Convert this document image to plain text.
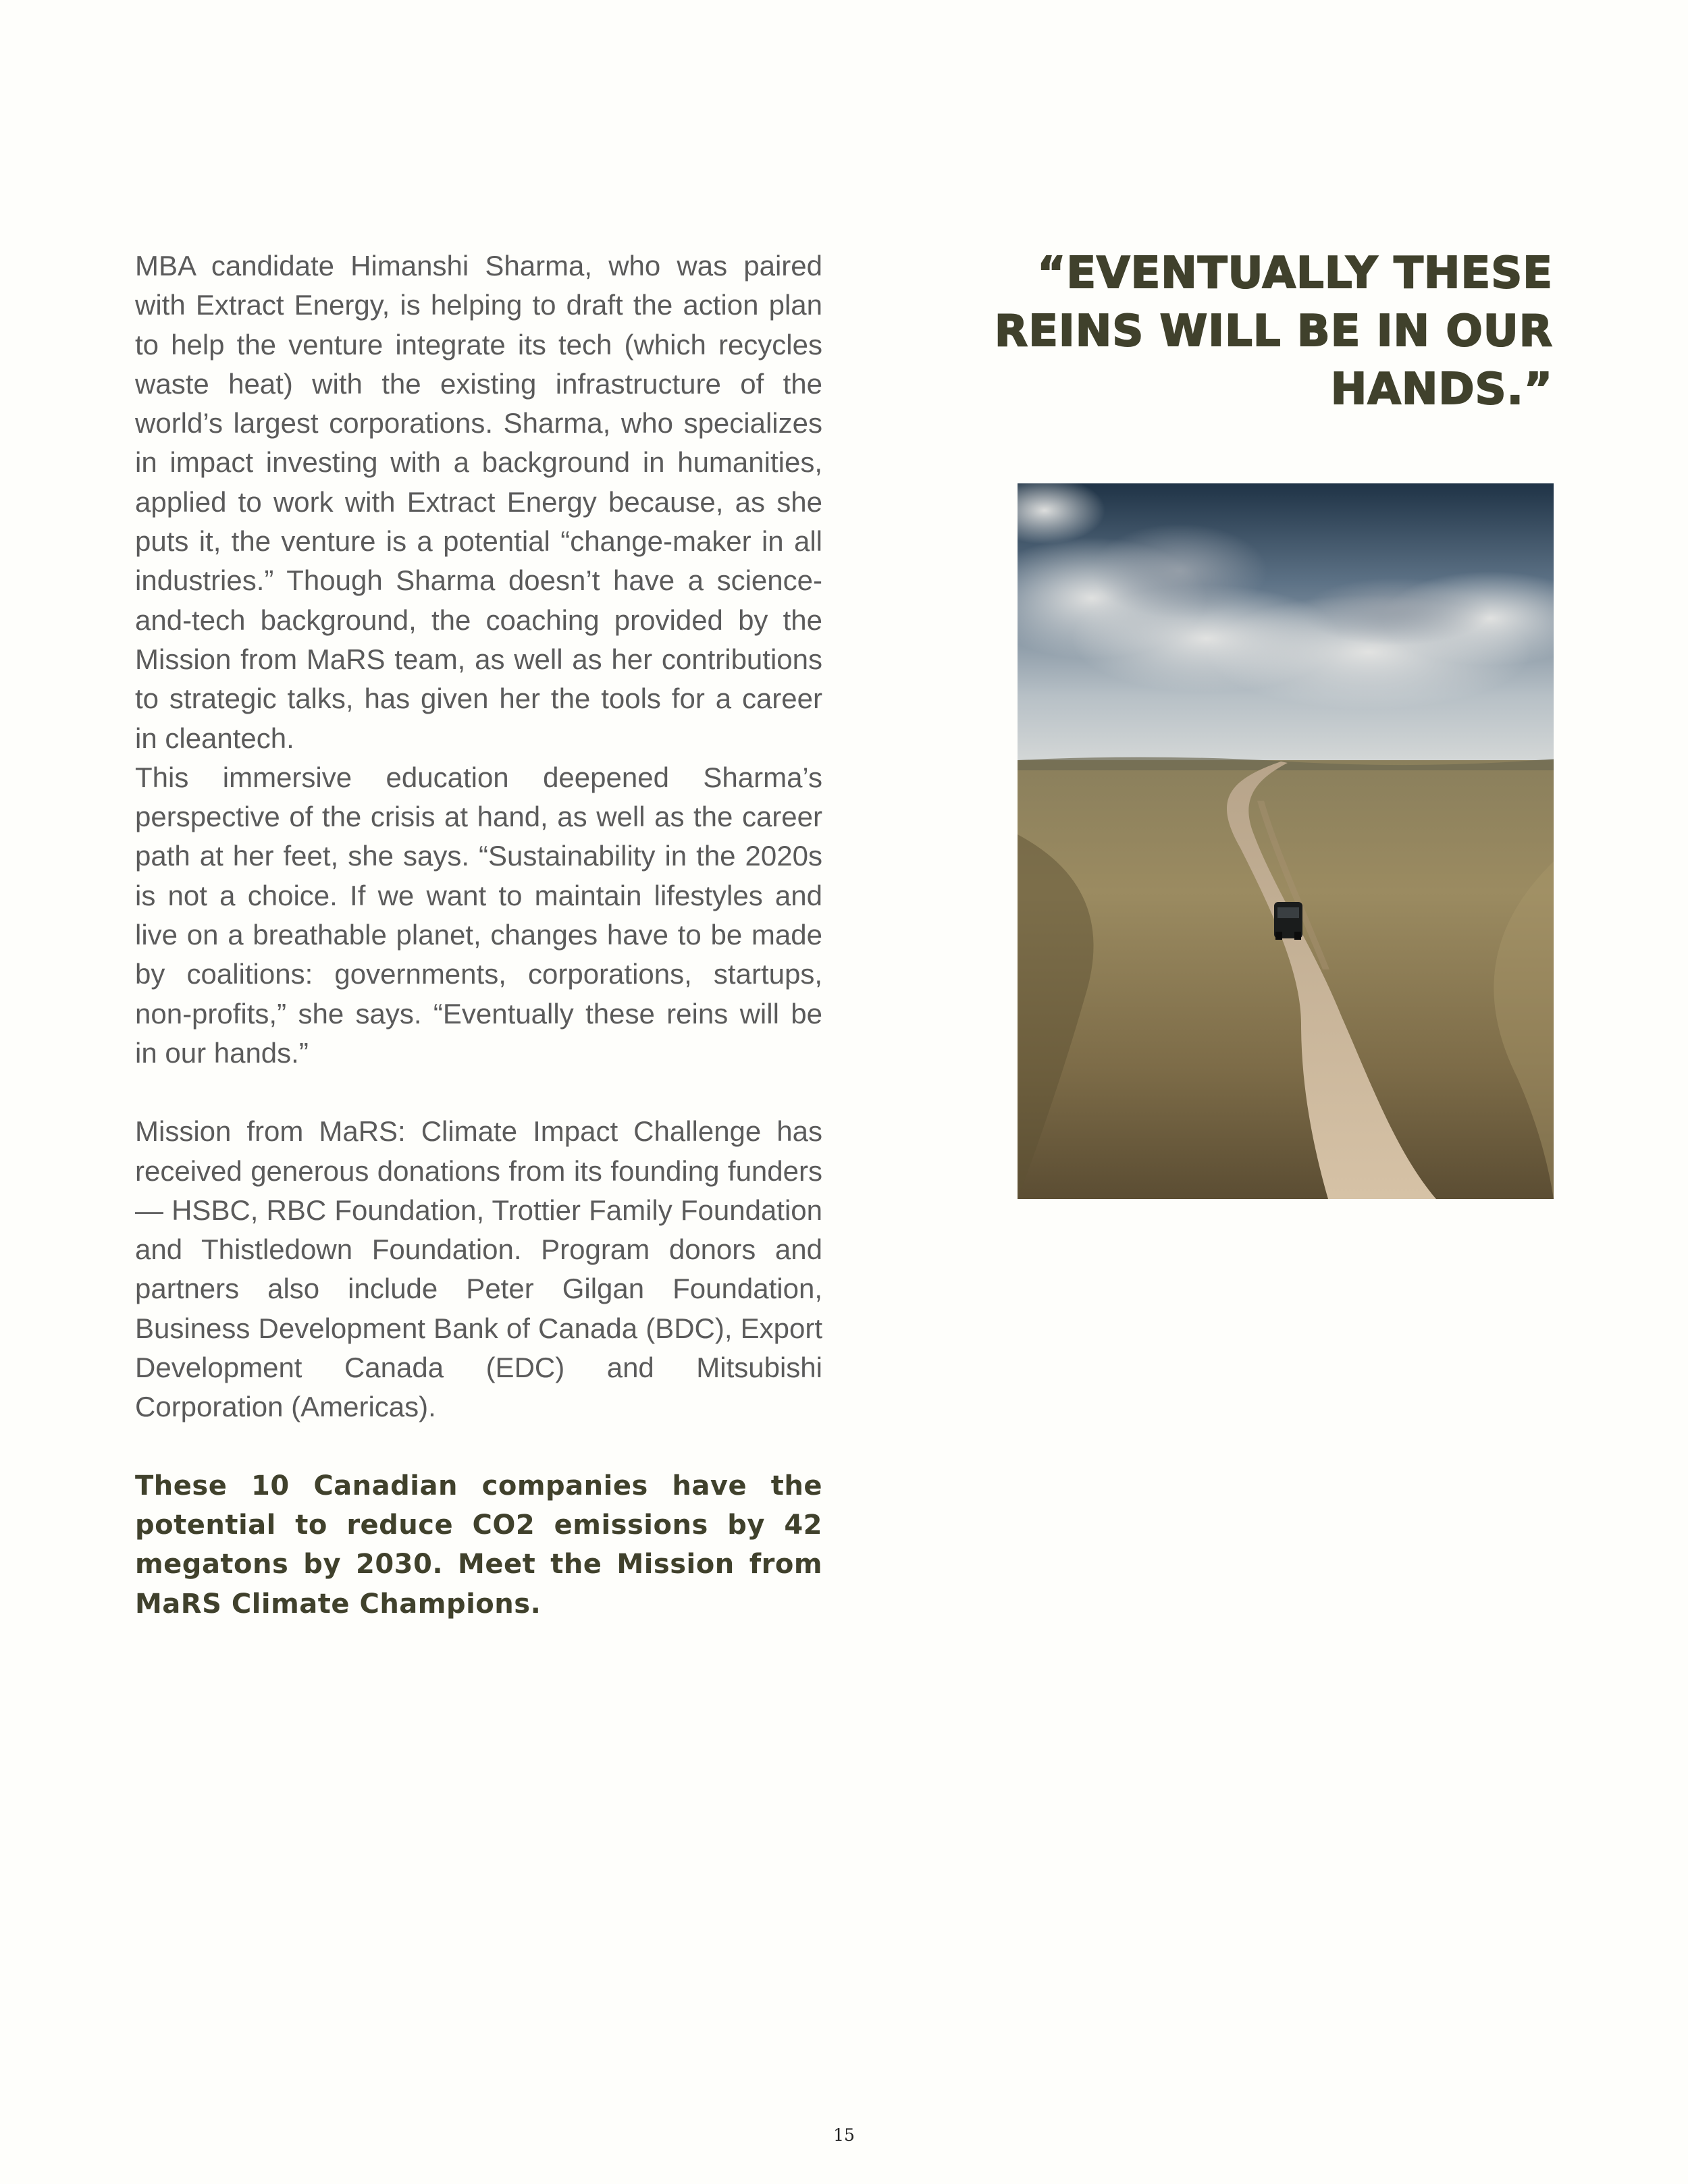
MBA candidate Himanshi Sharma, who was paired with Extract Energy, is helping to draft the action plan to help the venture integrate its tech (which recycles waste heat) with the existing infrastructure of the world’s largest corporations. Sharma, who specializes in impact investing with a background in humanities, applied to work with Extract Energy because, as she puts it, the venture is a potential “change-maker in all industries.” Though Sharma doesn’t have a science-and-tech background, the coaching provided by the Mission from MaRS team, as well as her contributions to strategic talks, has given her the tools for a career in cleantech.

This immersive education deepened Sharma’s perspective of the crisis at hand, as well as the career path at her feet, she says. “Sustainability in the 2020s is not a choice. If we want to maintain lifestyles and live on a breathable planet, changes have to be made by coalitions: governments, corporations, startups, non-profits,” she says. “Eventually these reins will be in our hands.”

Mission from MaRS: Climate Impact Challenge has received generous donations from its founding funders — HSBC, RBC Foundation, Trottier Family Foundation and Thistledown Foundation. Program donors and partners also include Peter Gilgan Foundation, Business Development Bank of Canada (BDC), Export Development Canada (EDC) and Mitsubishi Corporation (Americas).

These 10 Canadian companies have the potential to reduce CO2 emissions by 42 megatons by 2030. Meet the Mission from MaRS Climate Champions.

“EVENTUALLY THESE REINS WILL BE IN OUR HANDS.”

15
